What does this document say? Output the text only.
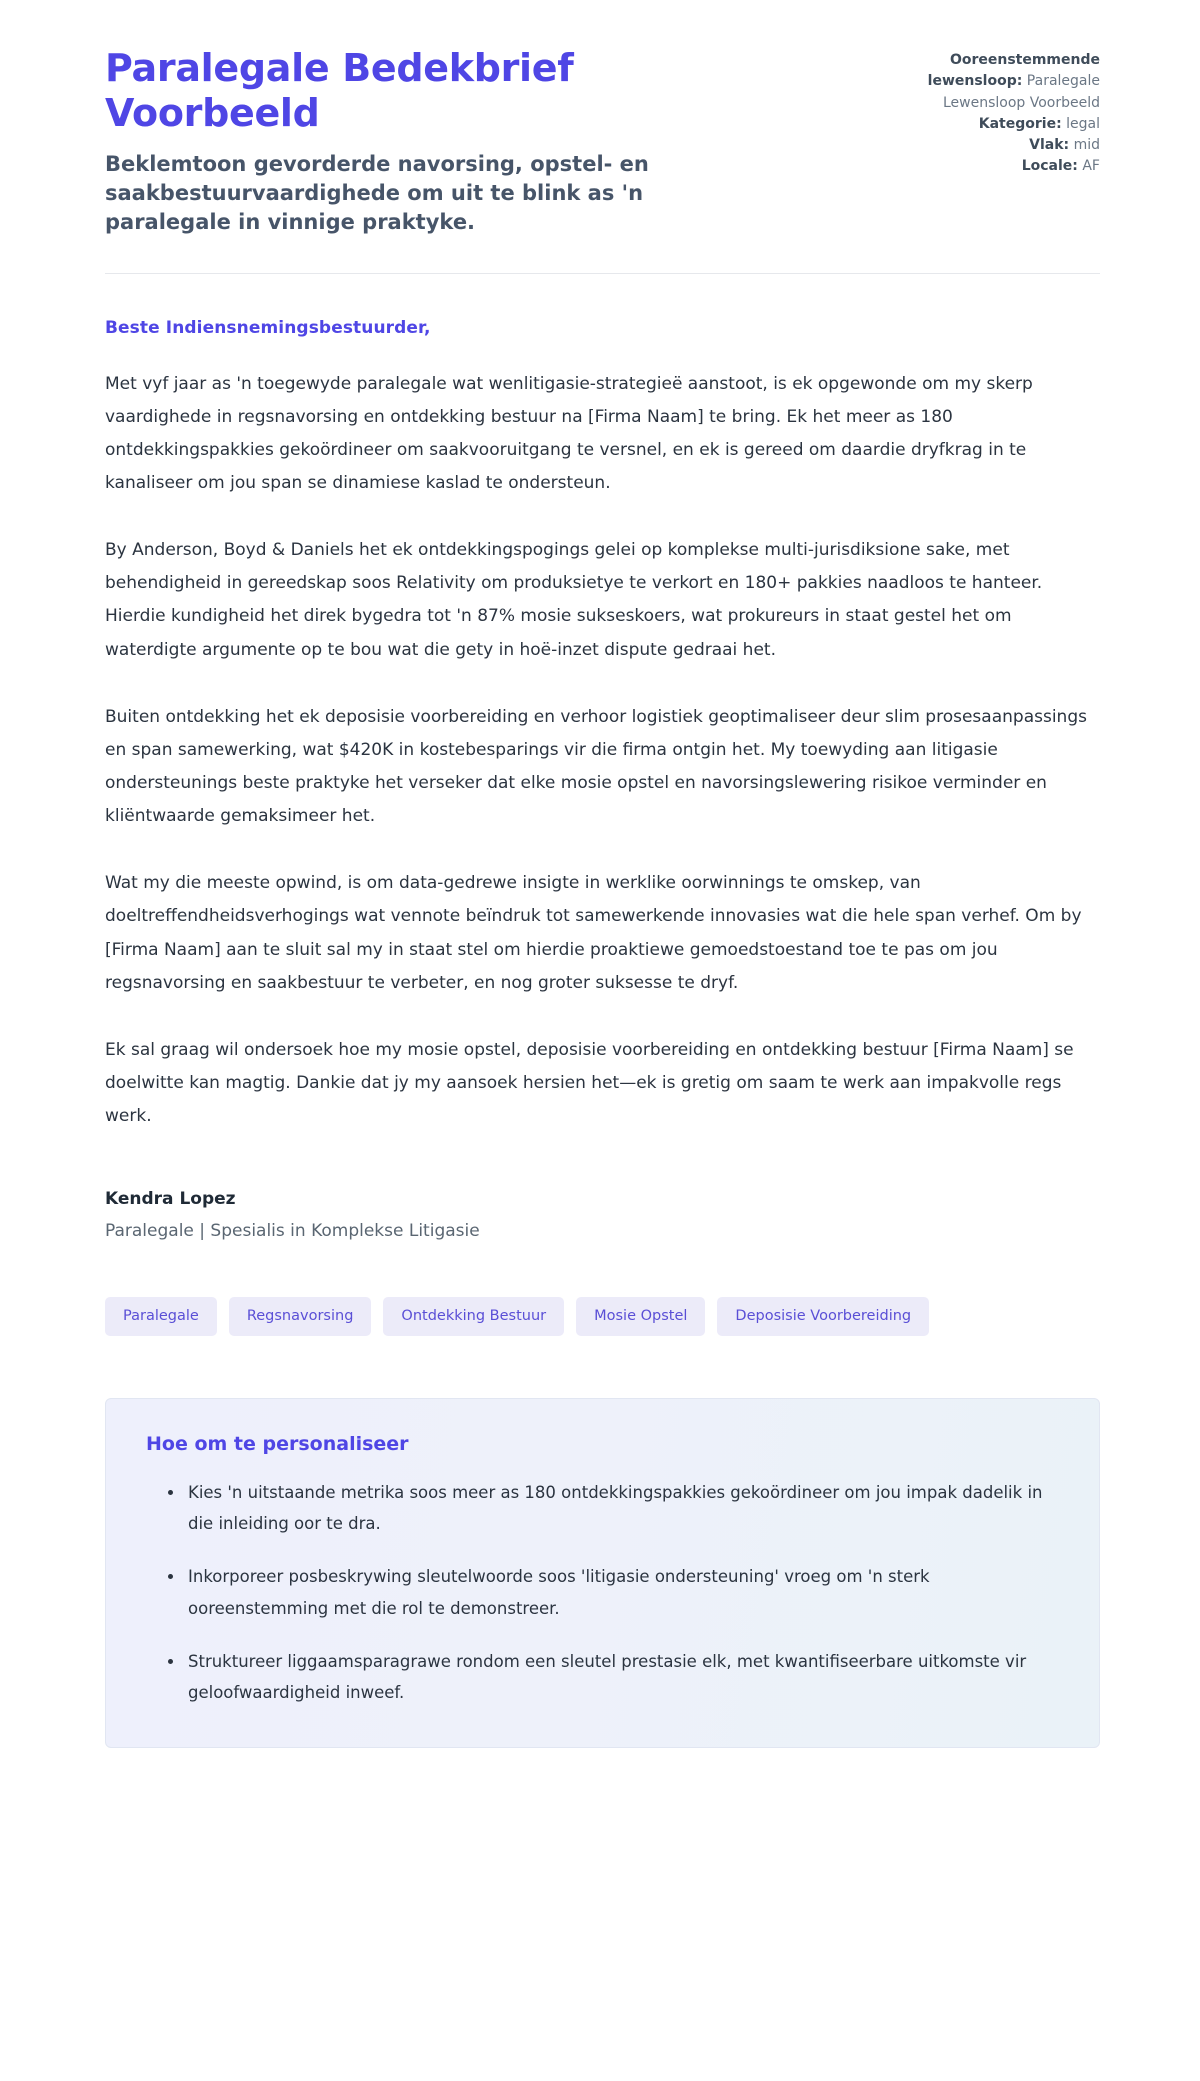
Paralegale Bedekbrief Voorbeeld

Beklemtoon gevorderde navorsing, opstel- en saakbestuurvaardighede om uit te blink as 'n paralegale in vinnige praktyke.

Ooreenstemmende lewensloop: Paralegale Lewensloop Voorbeeld
Kategorie: legal
Vlak: mid
Locale: AF

Beste Indiensnemingsbestuurder,

Met vyf jaar as 'n toegewyde paralegale wat wenlitigasie-strategieë aanstoot, is ek opgewonde om my skerp vaardighede in regsnavorsing en ontdekking bestuur na [Firma Naam] te bring. Ek het meer as 180 ontdekkingspakkies gekoördineer om saakvooruitgang te versnel, en ek is gereed om daardie dryfkrag in te kanaliseer om jou span se dinamiese kaslad te ondersteun.

By Anderson, Boyd & Daniels het ek ontdekkingspogings gelei op komplekse multi-jurisdiksione sake, met behendigheid in gereedskap soos Relativity om produksietye te verkort en 180+ pakkies naadloos te hanteer. Hierdie kundigheid het direk bygedra tot 'n 87% mosie sukseskoers, wat prokureurs in staat gestel het om waterdigte argumente op te bou wat die gety in hoë-inzet dispute gedraai het.

Buiten ontdekking het ek deposisie voorbereiding en verhoor logistiek geoptimaliseer deur slim prosesaanpassings en span samewerking, wat $420K in kostebesparings vir die firma ontgin het. My toewyding aan litigasie ondersteunings beste praktyke het verseker dat elke mosie opstel en navorsingslewering risikoe verminder en kliëntwaarde gemaksimeer het.

Wat my die meeste opwind, is om data-gedrewe insigte in werklike oorwinnings te omskep, van doeltreffendheidsverhogings wat vennote beïndruk tot samewerkende innovasies wat die hele span verhef. Om by [Firma Naam] aan te sluit sal my in staat stel om hierdie proaktiewe gemoedstoestand toe te pas om jou regsnavorsing en saakbestuur te verbeter, en nog groter suksesse te dryf.

Ek sal graag wil ondersoek hoe my mosie opstel, deposisie voorbereiding en ontdekking bestuur [Firma Naam] se doelwitte kan magtig. Dankie dat jy my aansoek hersien het—ek is gretig om saam te werk aan impakvolle regs werk.

Kendra Lopez

Paralegale | Spesialis in Komplekse Litigasie

Paralegale	Regsnavorsing	Ontdekking Bestuur	Mosie Opstel	Deposisie Voorbereiding
Hoe om te personaliseer
Kies 'n uitstaande metrika soos meer as 180 ontdekkingspakkies gekoördineer om jou impak dadelik in die inleiding oor te dra.
Inkorporeer posbeskrywing sleutelwoorde soos 'litigasie ondersteuning' vroeg om 'n sterk ooreenstemming met die rol te demonstreer.
Struktureer liggaamsparagrawe rondom een sleutel prestasie elk, met kwantifiseerbare uitkomste vir geloofwaardigheid inweef.
